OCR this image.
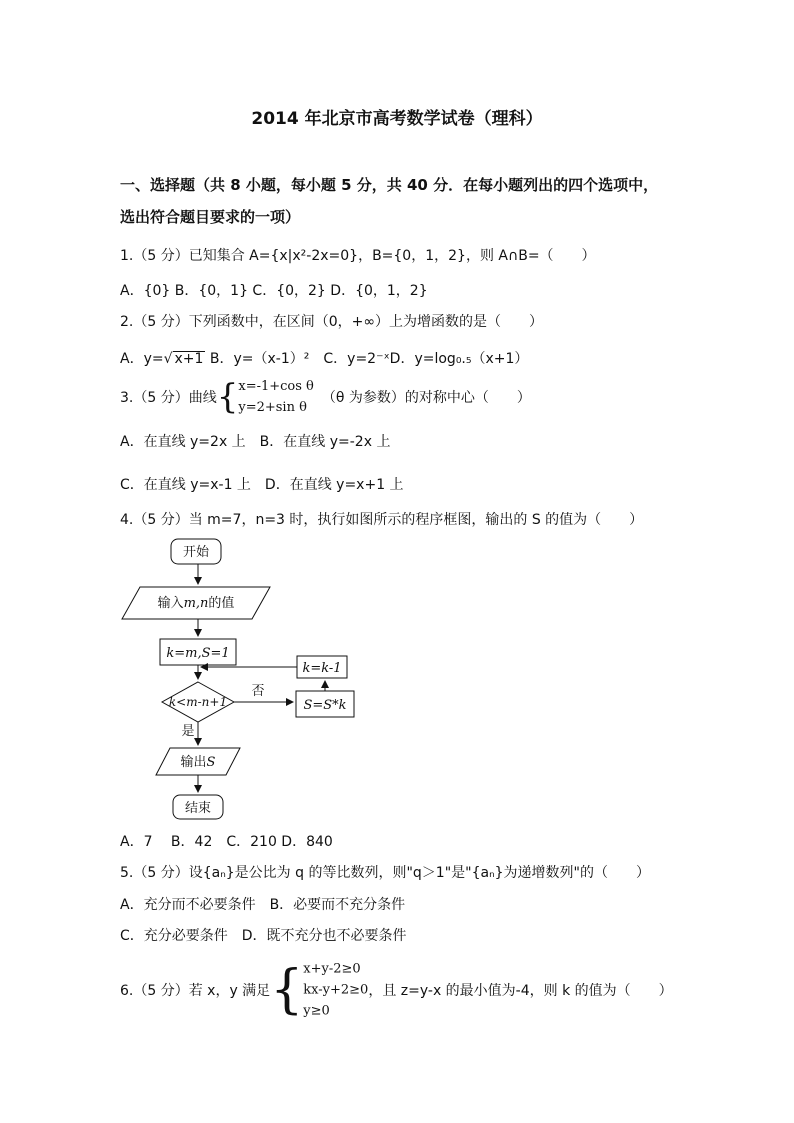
2014 年北京市高考数学试卷（理科）
一、选择题（共 8 小题，每小题 5 分，共 40 分．在每小题列出的四个选项中，
选出符合题目要求的一项）
1.（5 分）已知集合 A={x|x²-2x=0}，B={0，1，2}，则 A∩B=（　　）
A．{0} B．{0，1} C．{0，2} D．{0，1，2}
2.（5 分）下列函数中，在区间（0，+∞）上为增函数的是（　　）
A．y=√ x+1 B．y=（x-1）²　C．y=2⁻ˣD．y=log₀.₅（x+1）
3.（5 分）曲线{ x=-1+cos θ
y=2+sin θ
（θ 为参数）的对称中心（　　）
A．在直线 y=2x 上　B．在直线 y=-2x 上
C．在直线 y=x-1 上　D．在直线 y=x+1 上
4.（5 分）当 m=7，n=3 时，执行如图所示的程序框图，输出的 S 的值为（　　）
开始
输入m,n的值
k=m,S=1
k<m-n+1
否
S=S*k
k=k-1
是
输出S
结束
A．7　 B．42　C．210 D．840
5.（5 分）设{aₙ}是公比为 q 的等比数列，则"q＞1"是"{aₙ}为递增数列"的（　　）
A．充分而不必要条件　B．必要而不充分条件
C．充分必要条件　D．既不充分也不必要条件
6.（5 分）若 x，y 满足{ x+y-2≥0
kx-y+2≥0
y≥0
，且 z=y-x 的最小值为-4，则 k 的值为（　　）
